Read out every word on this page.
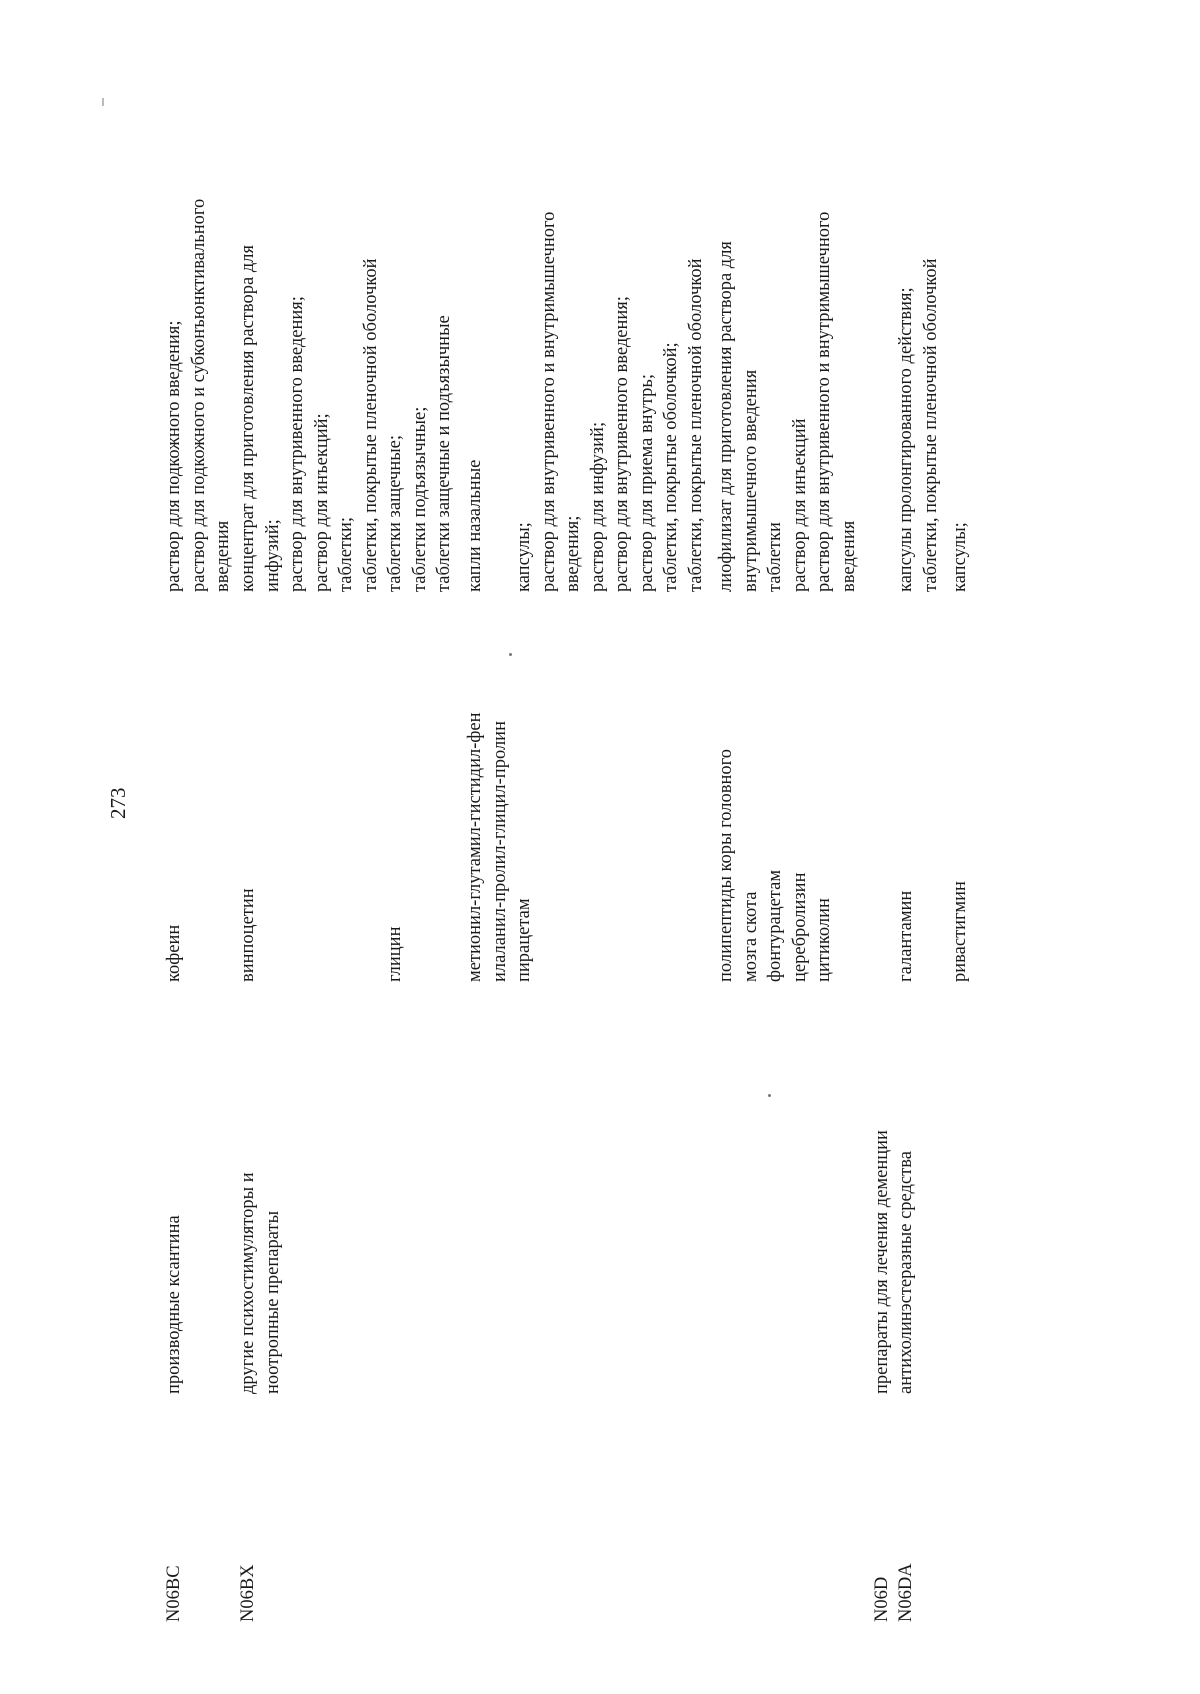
273
N06BC
производные ксантина
кофеин
раствор для подкожного введения; раствор для подкожного и субконъюнктивального введения
N06BX
другие психостимуляторы и ноотропные препараты
винпоцетин
концентрат для приготовления раствора для инфузий; раствор для внутривенного введения; раствор для инъекций; таблетки; таблетки, покрытые пленочной оболочкой
глицин
таблетки защечные; таблетки подъязычные; таблетки защечные и подъязычные
метионил-глутамил-гистидил-фен илаланил-пролил-глицил-пролин
капли назальные
пирацетам
капсулы; раствор для внутривенного и внутримышечного введения; раствор для инфузий; раствор для внутривенного введения; раствор для приема внутрь; таблетки, покрытые оболочкой; таблетки, покрытые пленочной оболочкой
полипептиды коры головного мозга скота
лиофилизат для приготовления раствора для внутримышечного введения
фонтурацетам
таблетки
церебролизин
раствор для инъекций
цитиколин
раствор для внутривенного и внутримышечного введения
N06D
препараты для лечения деменции
N06DA
антихолинэстеразные средства
галантамин
капсулы пролонгированного действия; таблетки, покрытые пленочной оболочкой
ривастигмин
капсулы;
